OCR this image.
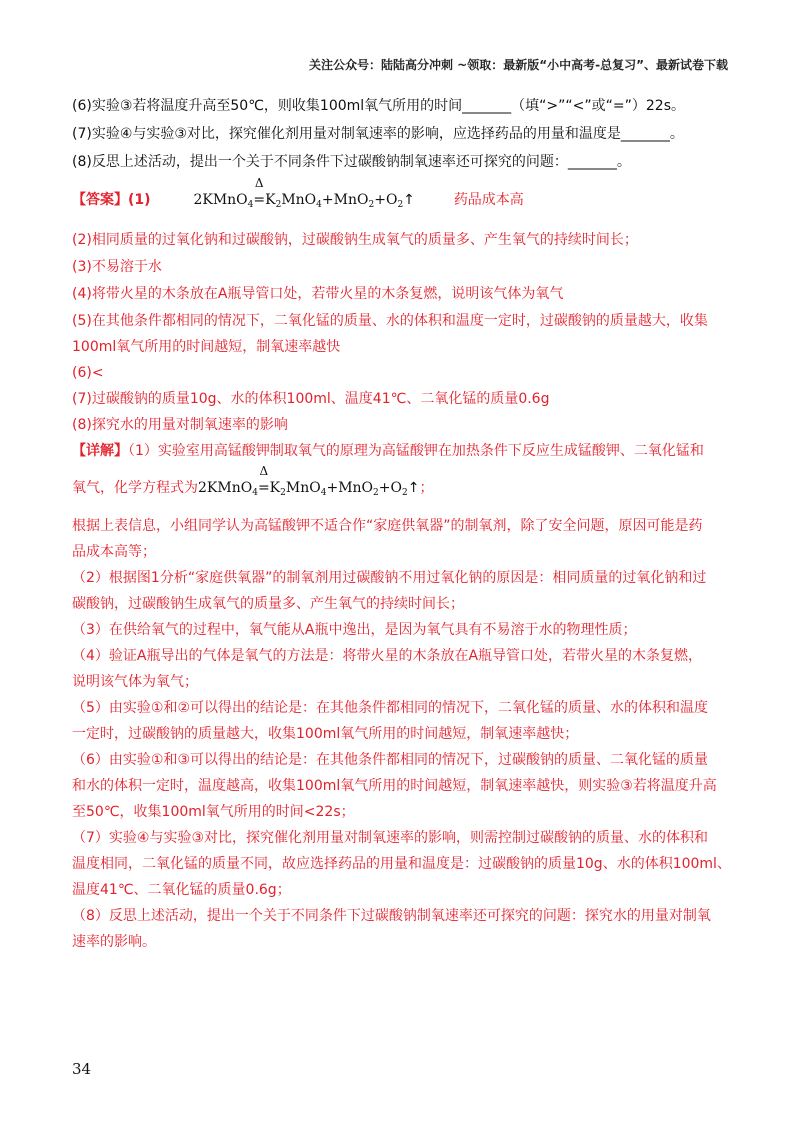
关注公众号：陆陆高分冲刺 ~领取：最新版“小中高考-总复习”、最新试卷下载
(6)实验③若将温度升高至50℃，则收集100ml氧气所用的时间_______（填“>”“<”或“=”）22s。
(7)实验④与实验③对比，探究催化剂用量对制氧速率的影响，应选择药品的用量和温度是_______。
(8)反思上述活动，提出一个关于不同条件下过碳酸钠制氧速率还可探究的问题：_______。
【答案】(1)	2KMnO$_4$
Δ
$=K_2MnO_4+MnO_2+O_2↑$	药品成本高
(2)相同质量的过氧化钠和过碳酸钠，过碳酸钠生成氧气的质量多、产生氧气的持续时间长；
(3)不易溶于水
(4)将带火星的木条放在A瓶导管口处，若带火星的木条复燃，说明该气体为氧气
(5)在其他条件都相同的情况下，二氧化锰的质量、水的体积和温度一定时，过碳酸钠的质量越大，收集
100ml氧气所用的时间越短，制氧速率越快
(6)<
(7)过碳酸钠的质量10g、水的体积100ml、温度41℃、二氧化锰的质量0.6g
(8)探究水的用量对制氧速率的影响
【详解】（1）实验室用高锰酸钾制取氧气的原理为高锰酸钾在加热条件下反应生成锰酸钾、二氧化锰和
氧气，化学方程式为2KMnO$_4$
Δ
$=K_2MnO_4+MnO_2+O_2↑$；
根据上表信息，小组同学认为高锰酸钾不适合作“家庭供氧器”的制氧剂，除了安全问题，原因可能是药
品成本高等；
（2）根据图1分析“家庭供氧器”的制氧剂用过碳酸钠不用过氧化钠的原因是：相同质量的过氧化钠和过
碳酸钠，过碳酸钠生成氧气的质量多、产生氧气的持续时间长；
（3）在供给氧气的过程中，氧气能从A瓶中逸出，是因为氧气具有不易溶于水的物理性质；
（4）验证A瓶导出的气体是氧气的方法是：将带火星的木条放在A瓶导管口处，若带火星的木条复燃，
说明该气体为氧气；
（5）由实验①和②可以得出的结论是：在其他条件都相同的情况下，二氧化锰的质量、水的体积和温度
一定时，过碳酸钠的质量越大，收集100ml氧气所用的时间越短，制氧速率越快；
（6）由实验①和③可以得出的结论是：在其他条件都相同的情况下，过碳酸钠的质量、二氧化锰的质量
和水的体积一定时，温度越高，收集100ml氧气所用的时间越短，制氧速率越快，则实验③若将温度升高
至50℃，收集100ml氧气所用的时间<22s；
（7）实验④与实验③对比，探究催化剂用量对制氧速率的影响，则需控制过碳酸钠的质量、水的体积和
温度相同，二氧化锰的质量不同，故应选择药品的用量和温度是：过碳酸钠的质量10g、水的体积100ml、
温度41℃、二氧化锰的质量0.6g；
（8）反思上述活动，提出一个关于不同条件下过碳酸钠制氧速率还可探究的问题：探究水的用量对制氧
速率的影响。
34
